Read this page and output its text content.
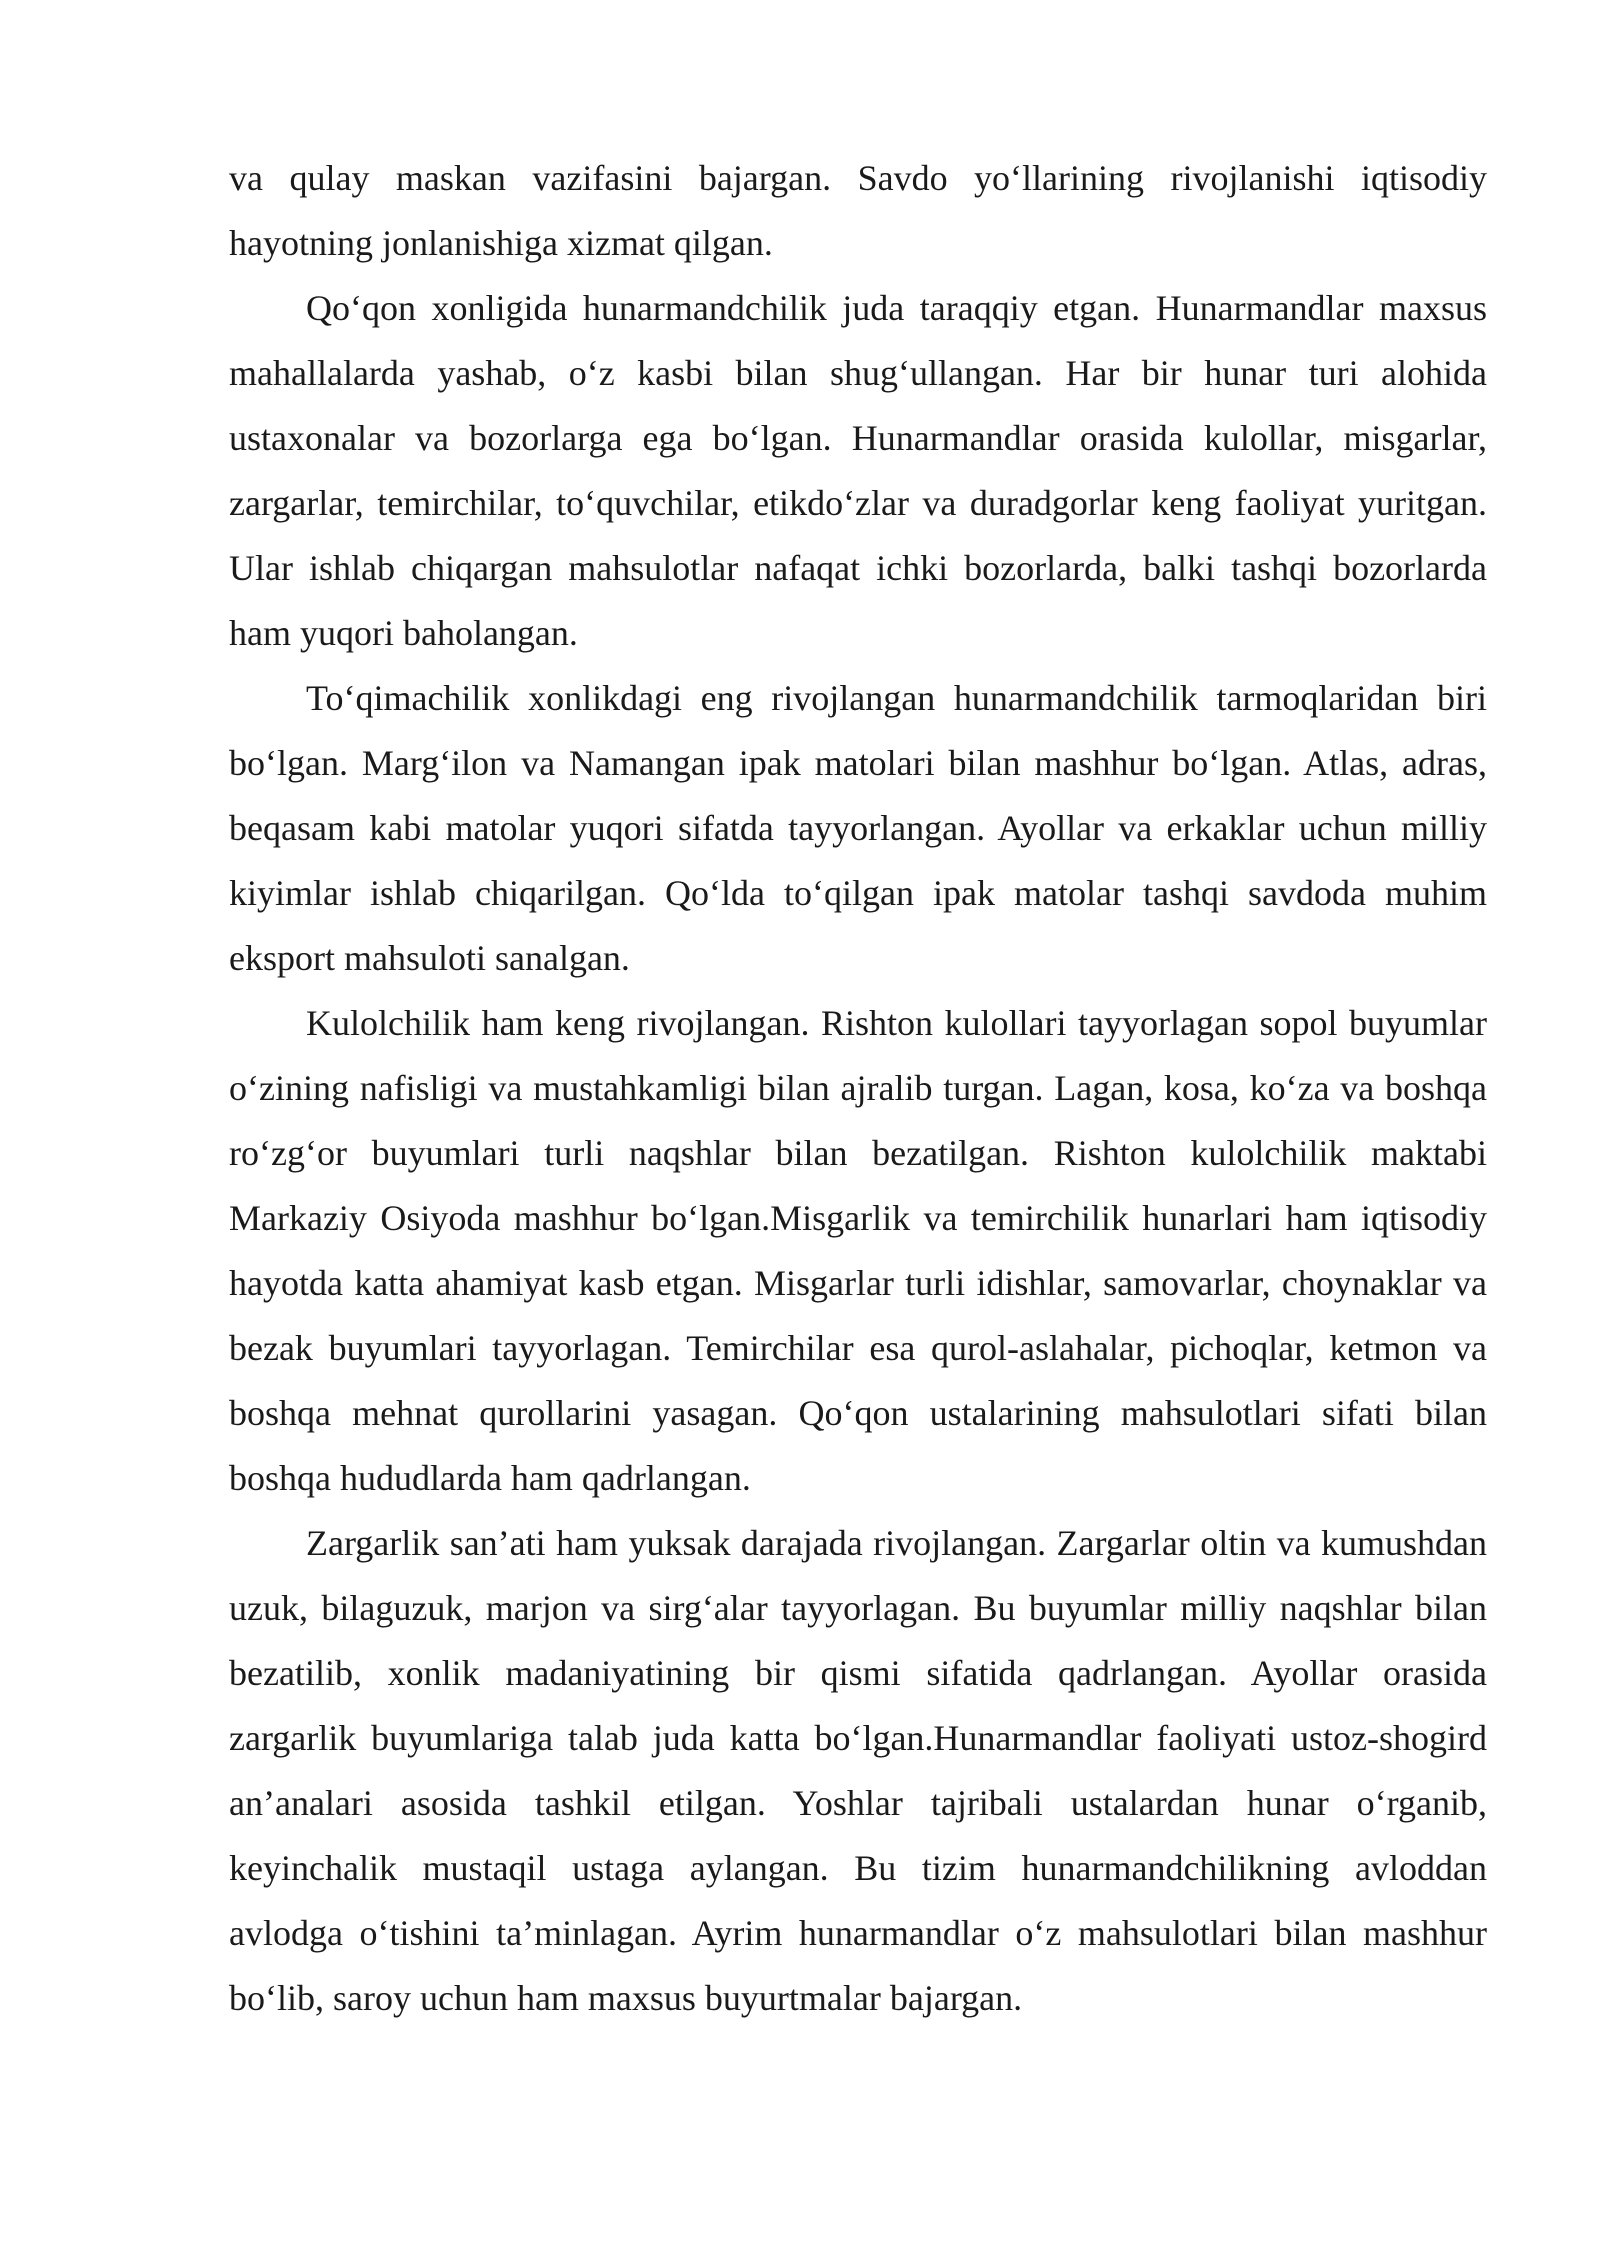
va qulay maskan vazifasini bajargan. Savdo yo‘llarining rivojlanishi iqtisodiy hayotning jonlanishiga xizmat qilgan.

Qo‘qon xonligida hunarmandchilik juda taraqqiy etgan. Hunarmandlar maxsus mahallalarda yashab, o‘z kasbi bilan shug‘ullangan. Har bir hunar turi alohida ustaxonalar va bozorlarga ega bo‘lgan. Hunarmandlar orasida kulollar, misgarlar, zargarlar, temirchilar, to‘quvchilar, etikdo‘zlar va duradgorlar keng faoliyat yuritgan. Ular ishlab chiqargan mahsulotlar nafaqat ichki bozorlarda, balki tashqi bozorlarda ham yuqori baholangan.

To‘qimachilik xonlikdagi eng rivojlangan hunarmandchilik tarmoqlaridan biri bo‘lgan. Marg‘ilon va Namangan ipak matolari bilan mashhur bo‘lgan. Atlas, adras, beqasam kabi matolar yuqori sifatda tayyorlangan. Ayollar va erkaklar uchun milliy kiyimlar ishlab chiqarilgan. Qo‘lda to‘qilgan ipak matolar tashqi savdoda muhim eksport mahsuloti sanalgan.

Kulolchilik ham keng rivojlangan. Rishton kulollari tayyorlagan sopol buyumlar o‘zining nafisligi va mustahkamligi bilan ajralib turgan. Lagan, kosa, ko‘za va boshqa ro‘zg‘or buyumlari turli naqshlar bilan bezatilgan. Rishton kulolchilik maktabi Markaziy Osiyoda mashhur bo‘lgan.Misgarlik va temirchilik hunarlari ham iqtisodiy hayotda katta ahamiyat kasb etgan. Misgarlar turli idishlar, samovarlar, choynaklar va bezak buyumlari tayyorlagan. Temirchilar esa qurol-aslahalar, pichoqlar, ketmon va boshqa mehnat qurollarini yasagan. Qo‘qon ustalarining mahsulotlari sifati bilan boshqa hududlarda ham qadrlangan.

Zargarlik san’ati ham yuksak darajada rivojlangan. Zargarlar oltin va kumushdan uzuk, bilaguzuk, marjon va sirg‘alar tayyorlagan. Bu buyumlar milliy naqshlar bilan bezatilib, xonlik madaniyatining bir qismi sifatida qadrlangan. Ayollar orasida zargarlik buyumlariga talab juda katta bo‘lgan.Hunarmandlar faoliyati ustoz-shogird an’analari asosida tashkil etilgan. Yoshlar tajribali ustalardan hunar o‘rganib, keyinchalik mustaqil ustaga aylangan. Bu tizim hunarmandchilikning avloddan avlodga o‘tishini ta’minlagan. Ayrim hunarmandlar o‘z mahsulotlari bilan mashhur bo‘lib, saroy uchun ham maxsus buyurtmalar bajargan.
